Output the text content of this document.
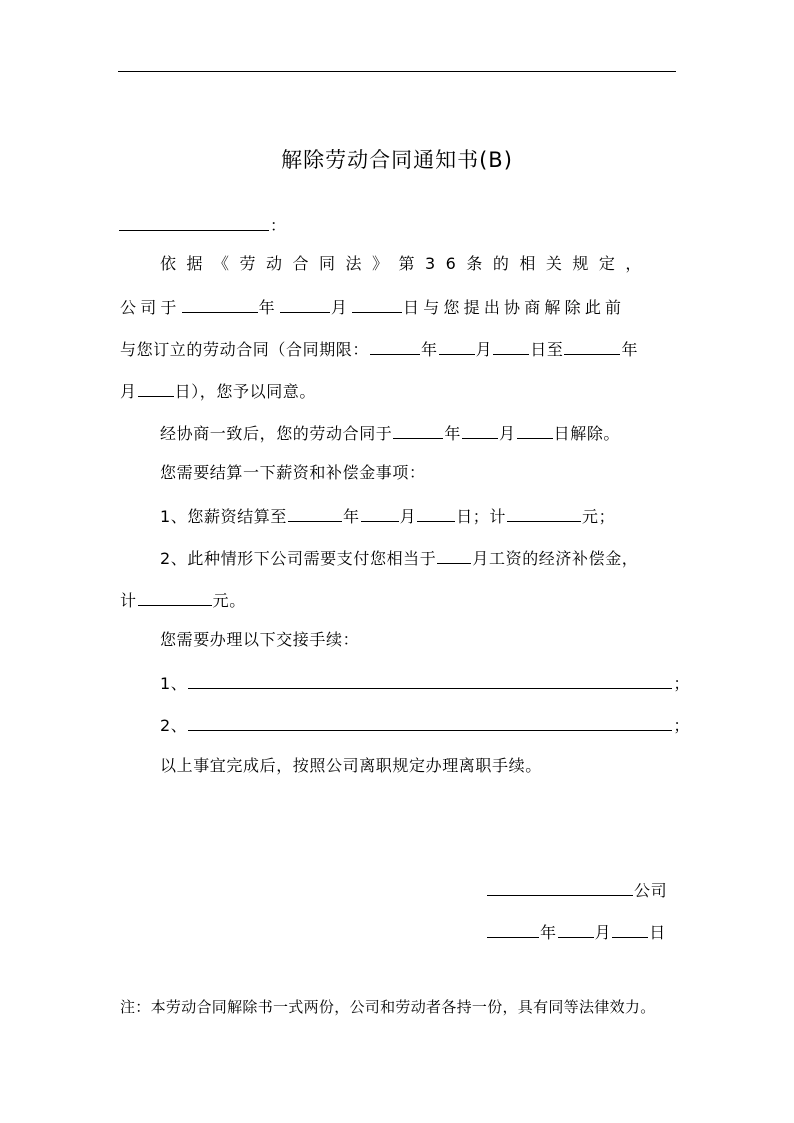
解除劳动合同通知书(B)
：
依据《劳动合同法》第36条的相关规定，
公司于	年	月	日与您提出协商解除此前
与您订立的劳动合同（合同期限：	年 月 日至	年
月 日），您予以同意。
经协商一致后，您的劳动合同于	年 月 日解除。
您需要结算一下薪资和补偿金事项：
1、您薪资结算至	年	月	日；计	元；
2、此种情形下公司需要支付您相当于 月工资的经济补偿金，
计	元。
您需要办理以下交接手续：
1、	；
2、	；
以上事宜完成后，按照公司离职规定办理离职手续。
公司
年 月 日
注：本劳动合同解除书一式两份，公司和劳动者各持一份，具有同等法律效力。
